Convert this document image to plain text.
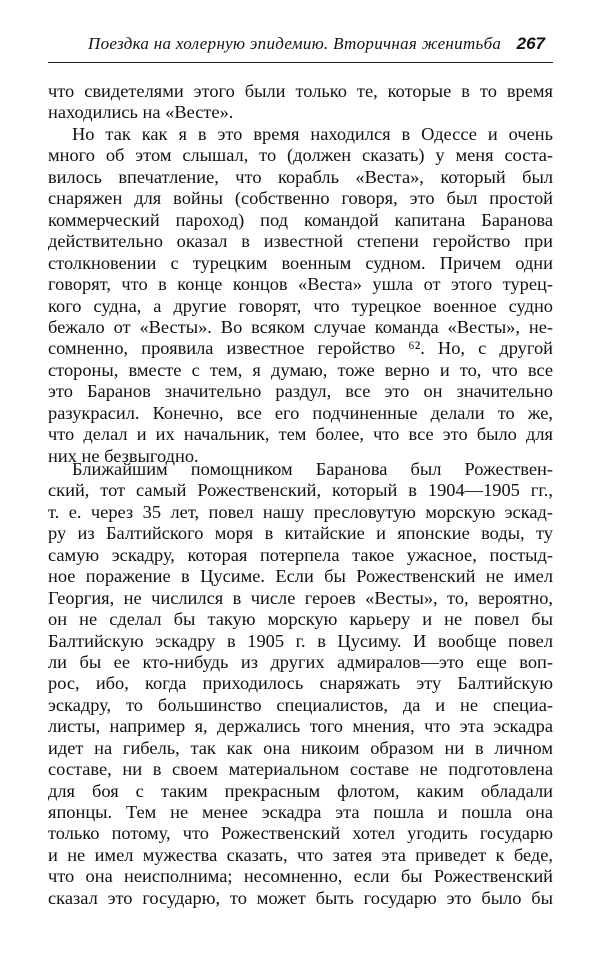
Поездка на холерную эпидемию. Вторичная женитьба 267
что свидетелями этого были только те, которые в то время
находились на «Весте».
Но так как я в это время находился в Одессе и очень
много об этом слышал, то (должен сказать) у меня соста-
вилось впечатление, что корабль «Веста», который был
снаряжен для войны (собственно говоря, это был простой
коммерческий пароход) под командой капитана Баранова
действительно оказал в известной степени геройство при
столкновении с турецким военным судном. Причем одни
говорят, что в конце концов «Веста» ушла от этого турец-
кого судна, а другие говорят, что турецкое военное судно
бежало от «Весты». Во всяком случае команда «Весты», не-
сомненно, проявила известное геройство ⁶². Но, с другой
стороны, вместе с тем, я думаю, тоже верно и то, что все
это Баранов значительно раздул, все это он значительно
разукрасил. Конечно, все его подчиненные делали то же,
что делал и их начальник, тем более, что все это было для
них не безвыгодно.
Ближайшим помощником Баранова был Рожествен-
ский, тот самый Рожественский, который в 1904—1905 гг.,
т. е. через 35 лет, повел нашу пресловутую морскую эскад-
ру из Балтийского моря в китайские и японские воды, ту
самую эскадру, которая потерпела такое ужасное, постыд-
ное поражение в Цусиме. Если бы Рожественский не имел
Георгия, не числился в числе героев «Весты», то, вероятно,
он не сделал бы такую морскую карьеру и не повел бы
Балтийскую эскадру в 1905 г. в Цусиму. И вообще повел
ли бы ее кто-нибудь из других адмиралов—это еще воп-
рос, ибо, когда приходилось снаряжать эту Балтийскую
эскадру, то большинство специалистов, да и не специа-
листы, например я, держались того мнения, что эта эскадра
идет на гибель, так как она никоим образом ни в личном
составе, ни в своем материальном составе не подготовлена
для боя с таким прекрасным флотом, каким обладали
японцы. Тем не менее эскадра эта пошла и пошла она
только потому, что Рожественский хотел угодить государю
и не имел мужества сказать, что затея эта приведет к беде,
что она неисполнима; несомненно, если бы Рожественский
сказал это государю, то может быть государю это было бы
